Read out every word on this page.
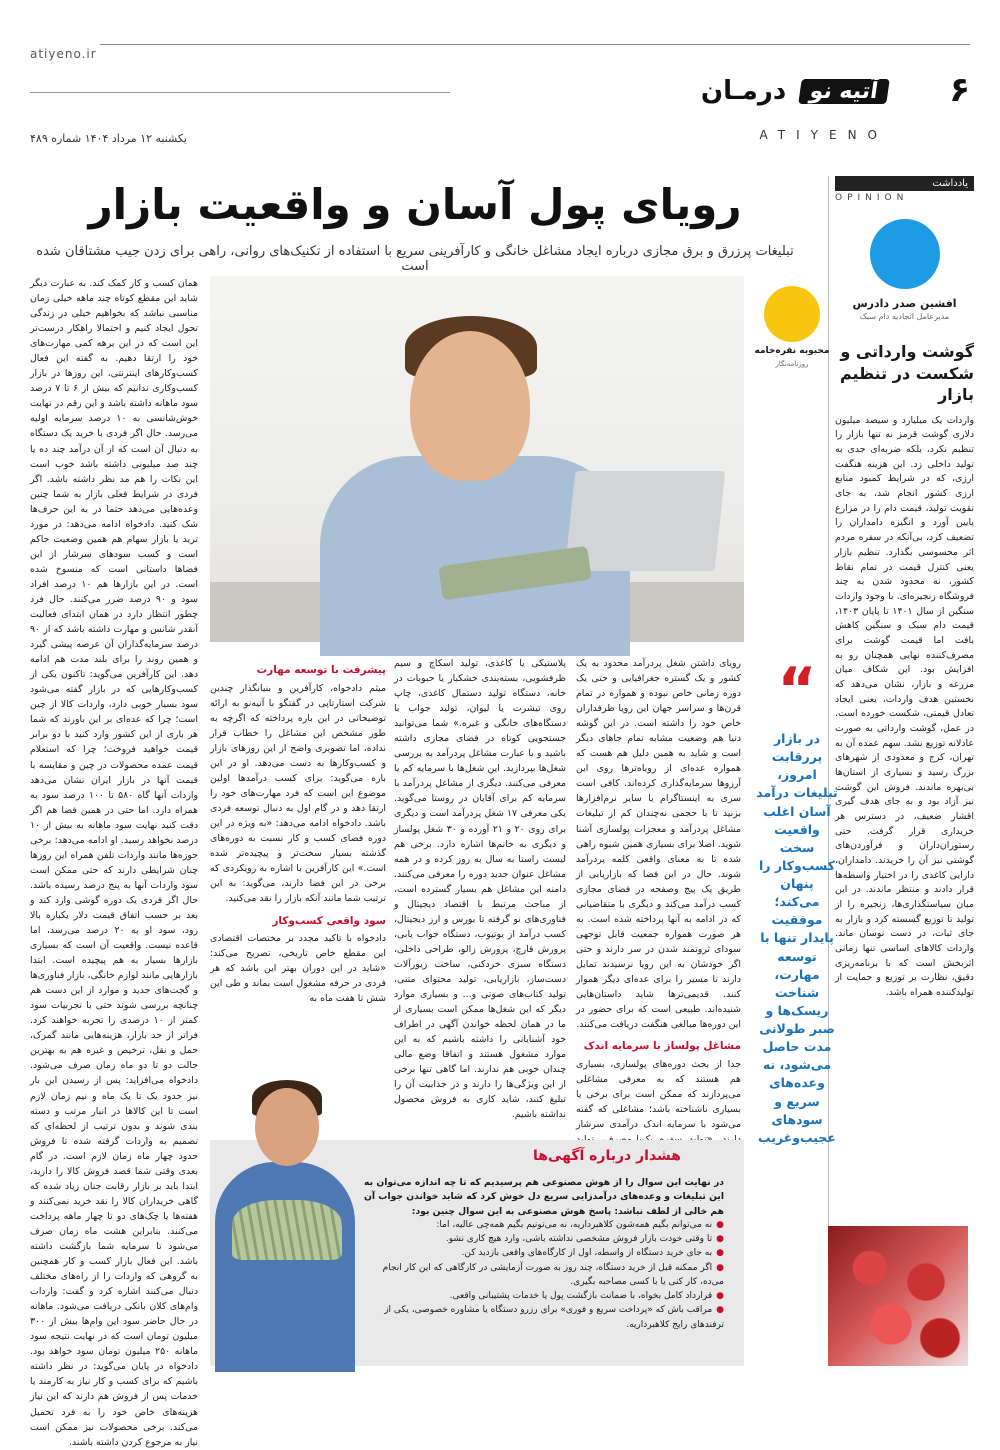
atiyeno.ir
۶
آتیه نو
درمـان
ATIYENO
یکشنبه ۱۲ مرداد ۱۴۰۴ شماره ۴۸۹
یادداشت
OPINION
افشین صدر دادرس
مدیرعامل اتحادیه دام سبک
گوشت وارداتی و شکست در تنظیم بازار

واردات یک میلیارد و سیصد میلیون دلاری گوشت قرمز نه تنها بازار را تنظیم نکرد، بلکه ضربه‌ای جدی به تولید داخلی زد. این هزینه هنگفت ارزی، که در شرایط کمبود منابع ارزی کشور انجام شد، به جای تقویت تولید، قیمت دام را در مزارع پایین آورد و انگیزه دامداران را تضعیف کرد، بی‌آنکه در سفره مردم اثر محسوسی بگذارد. تنظیم بازار یعنی کنترل قیمت در تمام نقاط کشور، نه محدود شدن به چند فروشگاه زنجیره‌ای. با وجود واردات سنگین از سال ۱۴۰۱ تا پایان ۱۴۰۳، قیمت دام سبک و سنگین کاهش یافت اما قیمت گوشت برای مصرف‌کننده نهایی همچنان رو به افزایش بود. این شکاف میان مزرعه و بازار، نشان می‌دهد که نخستین هدف واردات، یعنی ایجاد تعادل قیمتی، شکست خورده است. در عمل، گوشت وارداتی به صورت عادلانه توزیع نشد. سهم عمده آن به تهران، کرج و معدودی از شهرهای بزرگ رسید و بسیاری از استان‌ها بی‌بهره ماندند. فروش این گوشت نیز آزاد بود و به جای هدف گیری اقشار ضعیف، در دسترس هر خریداری قرار گرفت. حتی رستوران‌داران و فرآوردن‌های گوشتی نیز آن را خریدند. دامداران، دارایی کاغذی را در اختیار واسطه‌ها قرار دادند و منتظر ماندند. در این میان سیاستگذاری‌ها، زنجیره را از تولید تا توزیع گسسته کرد و بازار به جای ثبات، در دست نوسان ماند. واردات کالاهای اساسی تنها زمانی اثربخش است که با برنامه‌ریزی دقیق، نظارت بر توزیع و حمایت از تولیدکننده همراه باشد.

رویای پول آسان و واقعیت بازار

تبلیغات پرزرق و برق مجازی درباره ایجاد مشاغل خانگی و کارآفرینی سریع با استفاده از تکنیک‌های روانی، راهی برای زدن جیب مشتاقان شده است

محبوبه نقره‌خامه
روزنامه‌نگار
“
در بازار پررقابت امروز، تبلیغات درآمد آسان اغلب واقعیت سخت کسب‌وکار را پنهان می‌کند؛ موفقیت پایدار تنها با توسعه مهارت، شناخت ریسک‌ها و صبر طولانی مدت حاصل می‌شود، نه وعده‌های سریع و سودهای عجیب‌وغریب

همان کسب و کار کمک کند. به عبارت دیگر شاید این مقطع کوتاه چند ماهه خیلی زمان مناسبی نباشد که بخواهیم خیلی در زندگی تحول ایجاد کنیم و احتمالا راهکار درست‌تر این است که در این برهه کمی مهارت‌های خود را ارتقا دهیم. به گفته این فعال کسب‌وکارهای اینترنتی، این روزها در بازار کسب‌وکاری ندانیم که بیش از ۶ تا ۷ درصد سود ماهانه داشته باشد و این رقم در نهایت خوش‌شانسی به ۱۰ درصد سرمایه اولیه می‌رسد. حال اگر فردی با خرید یک دستگاه به دنبال آن است که از آن درآمد چند ده یا چند صد میلیونی داشته باشد خوب است این نکات را هم مد نظر داشته باشد. اگر فردی در شرایط فعلی بازار به شما چنین وعده‌هایی می‌دهد حتما در به این حرف‌ها شک کنید. دادخواه ادامه می‌دهد: در مورد ترید یا بازار سهام هم همین وضعیت حاکم است و کسب سودهای سرشار از این فضاها داستانی است که منسوخ شده است. در این بازارها هم ۱۰ درصد افراد سود و ۹۰ درصد ضرر می‌کنند. حال فرد چطور انتظار دارد در همان ابتدای فعالیت آنقدر شانس و مهارت داشته باشد که از ۹۰ درصد سرمایه‌گذاران آن عرصه پیشی گیرد و همین روند را برای بلند مدت هم ادامه دهد. این کارآفرین می‌گوید: تاکنون یکی از کسب‌وکارهایی که در بازار گفته می‌شود سود بسیار خوبی دارد، واردات کالا از چین است؛ چرا که عده‌ای بر این باورند که شما هر باری از این کشور وارد کنید با دو برابر قیمت خواهید فروخت؛ چرا که استعلام قیمت عمده محصولات در چین و مقایسه با قیمت آنها در بازار ایران نشان می‌دهد واردات آنها گاه ۵۸۰ تا ۱۰۰ درصد سود به همراه دارد. اما حتی در همین فضا هم اگر دقت کنید نهایت سود ماهانه به بیش از ۱۰ درصد نخواهد رسید. او ادامه می‌دهد: برخی حوزه‌ها مانند واردات تلفن همراه این روزها چنان شرایطی دارند که حتی ممکن است سود واردات آنها به پنج درصد رسیده باشد. حال اگر فردی یک دوره گوشی وارد کند و بعد بر حسب اتفاق قیمت دلار یکباره بالا رود، سود او به ۲۰ درصد می‌رسد، اما قاعده نیست. واقعیت آن است که بسیاری بازارها بسیار به هم پیچیده است. ابتدا بازارهایی مانند لوازم خانگی، بازار فناوری‌ها و گجت‌های جدید و موارد از این دست هم چنانچه بررسی شوند حتی با تجربیات سود کمتر از ۱۰ درصدی را تجربه خواهند کرد. فراتر از حد بازار، هزینه‌هایی مانند گمرک، حمل و نقل، ترخیص و غیره هم به بهترین حالت دو تا دو ماه زمان صرف می‌شود. دادخواه می‌افزاید: پس از رسیدن این بار نیز حدود یک تا یک ماه و نیم زمان لازم است تا این کالاها در انبار مرتب و دسته بندی شوند و بدون ترتیب از لحظه‌ای که تصمیم به واردات گرفته شده تا فروش حدود چهار ماه زمان لازم است. در گام بعدی وقتی شما قصد فروش کالا را دارید، ابتدا باید بر بازار رقابت جنان زیاد شده که گاهی خریداران کالا را نقد خرید نمی‌کنند و هفته‌ها یا چک‌های دو تا چهار ماهه پرداخت می‌کنند. بنابراین هشت ماه زمان صرف می‌شود تا سرمایه شما بازگشت داشته باشد. این فعال بازار کسب و کار همچنین به گروهی که واردات را از راه‌های مختلف دنبال می‌کنند اشاره کرد و گفت: واردات وام‌های کلان بانکی دریافت می‌شود. ماهانه در حال حاضر سود این وام‌ها بیش از ۳۰۰ میلیون تومان است که در نهایت نتیجه سود ماهانه ۲۵۰ میلیون تومان سود خواهد بود. دادخواه در پایان می‌گوید: در نظر داشته باشیم که برای کسب و کار نیاز به کارمند یا خدمات پس از فروش هم دارند که این نیاز هزینه‌های خاص خود را به فرد تحمیل می‌کند. برخی محصولات نیز ممکن است نیاز به مرجوع کردن داشته باشند.

رویای داشتن شغل پردرآمد محدود به یک کشور و یک گستره جغرافیایی و حتی یک دوره زمانی خاص نبوده و همواره در تمام قرن‌ها و سراسر جهان این رویا طرفداران خاص خود را داشته است. در این گوشه دنیا هم وضعیت مشابه تمام جاهای دیگر است و شاید به همین دلیل هم هست که همواره عده‌ای از روباه‌ترها روی این آرزوها سرمایه‌گذاری کرده‌اند. کافی است سری به اینستاگرام یا سایر نرم‌افزارها بزنید تا با حجمی نه‌چندان کم از تبلیغات مشاغل پردرآمد و معجزات پولسازی آشنا شوید. اصلا برای بسیاری همین شیوه راهی شده تا به معنای واقعی کلمه پردرآمد شوند. حال در این فضا که بازاریابی از طریق یک پیج وصفحه در فضای مجازی کسب درآمد می‌کند و دیگری با متقاضیانی که در ادامه به آنها پرداخته شده است. به هر صورت همواره جمعیت قابل توجهی سودای ثروتمند شدن در سر دارند و حتی اگر خودشان به این رویا نرسیدند تمایل دارند تا مسیر را برای عده‌ای دیگر هموار کنند. قدیمی‌ترها شاید داستان‌هایی شنیده‌اند. طبیعی است که برای حضور در این دوره‌ها مبالغی هنگفت دریافت می‌کنند.

مشاغل پولساز با سرمایه اندک

جدا از بحث دوره‌های پولسازی، بسیاری هم هستند که به معرفی مشاغلی می‌پردازند که ممکن است برای برخی یا بسیاری ناشناخته باشد؛ مشاغلی که گفته می‌شود با سرمایه اندک درآمدی سرشار

پلاستیکی یا کاغذی، تولید اسکاچ و سیم ظرفشویی، بسته‌بندی خشکبار یا حبوبات در خانه، دستگاه تولید دستمال کاغذی، چاپ روی تیشرت یا لیوان، تولید جواب با دستگاه‌های خانگی و غیره.» شما می‌توانید جستجویی کوتاه در فضای مجازی داشته باشید و با عبارت مشاغل پردرآمد به بررسی شغل‌ها بپردازید. این شغل‌ها با سرمایه کم یا معرفی می‌کنند. دیگری از مشاغل پردرآمد با سرمایه کم برای آقایان در روستا می‌گوید. یکی معرفی ۱۷ شغل پردرآمد است و دیگری برای روی ۲۰ و ۲۱ آورده و ۳۰ شغل پولساز و دیگری به خانم‌ها اشاره دارد. برخی هم لیست راستا به سال به روز کرده و در همه مشاغل عنوان جدید دوره را معرفی می‌کنند. دامنه این مشاغل هم بسیار گسترده است، از مباحث مرتبط با اقتصاد دیجیتال و فناوری‌های نو گرفته تا بورس و ارز دیجیتال، کسب درآمد از یوتیوب، دستگاه جواب یابی، پرورش قارچ، پرورش زالو، طراحی داخلی، دستگاه سبزی خردکنی، ساخت زیورآلات دست‌ساز، بازاریابی، تولید محتوای متنی، تولید کتاب‌های صوتی و... و بسیاری موارد دیگر که این شغل‌ها ممکن است بسیاری از ما در همان لحظه خواندن آگهی در اطراف خود آشنایانی را داشته باشیم که به این موارد مشغول هستند و اتفاقا وضع مالی چندان خوبی هم ندارند. اما گاهی تنها برخی از این ویژگی‌ها را دارند و در جذابیت آن را تبلیغ کنند، شاید کاری به فروش محصول نداشته باشیم.

پیشرفت با توسعه مهارت

میثم دادخواه، کارآفرین و بنیانگذار چندین شرکت استارتاپی در گفتگو با آتیه‌نو به ارائه توضیحاتی در این باره پرداخته که اگرچه به طور مشخص این مشاغل را خطاب قرار نداده، اما تصویری واضح از این روزهای بازار و کسب‌وکارها به دست می‌دهد. او در این باره می‌گوید: برای کسب درآمدها اولین موضوع این است که فرد مهارت‌های خود را ارتقا دهد و در گام اول به دنبال توسعه فردی باشد. دادخواه ادامه می‌دهد: «به ویژه در این دوره فضای کسب و کار نسبت به دوره‌های گذشته بسیار سخت‌تر و پیچیده‌تر شده است.» این کارآفرین با اشاره به رویکردی که برخی در این فضا دارند، می‌گوید: به این ترتیب شما مانند آنکه بازار را نقد می‌کنید.

سود واقعی کسب‌وکار

دادخواه با تاکید مجدد بر مختصات اقتصادی این مقطع خاص تاریخی، تصریح می‌کند: «شاید در این دوران بهتر این باشد که هر فردی در حرفه مشغول است بماند و طی این شش تا هفت ماه به

هشدار درباره آگهی‌ها

در نهایت این سوال را از هوش مصنوعی هم پرسیدیم که تا چه اندازه می‌توان به این تبلیغات و وعده‌های درآمدزایی سریع دل خوش کرد که شاید خواندن جواب آن هم خالی از لطف نباشد: پاسخ هوش مصنوعی به این سوال چنین بود:

● نه می‌توانم بگیم همه‌شون کلاهبرداریه، نه می‌تونیم بگیم همه‌چی عالیه، اما:
● تا وقتی خودت بازار فروش مشخصی نداشته باشی، وارد هیچ کاری نشو.
● به جای خرید دستگاه از واسطه، اول از کارگاه‌های واقعی بازدید کن.
● اگر ممکنه قبل از خرید دستگاه، چند روز به صورت آزمایشی در کارگاهی که این کار انجام می‌ده، کار کنی یا با کسی مصاحبه بگیری.
● قرارداد کامل بخواه، با ضمانت بازگشت پول یا خدمات پشتیبانی واقعی.
● مراقب باش که «پرداخت سریع و فوری» برای رزرو دستگاه یا مشاوره خصوصی، یکی از ترفندهای رایج کلاهبرداریه.
